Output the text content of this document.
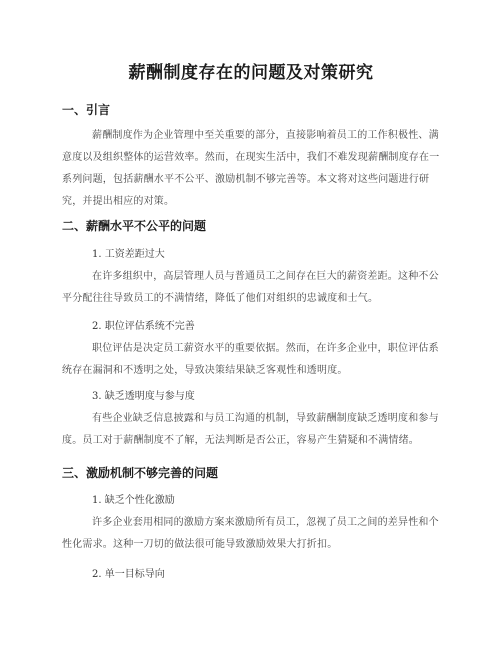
薪酬制度存在的问题及对策研究
一、引言

薪酬制度作为企业管理中至关重要的部分，直接影响着员工的工作积极性、满意度以及组织整体的运营效率。然而，在现实生活中，我们不难发现薪酬制度存在一系列问题，包括薪酬水平不公平、激励机制不够完善等。本文将对这些问题进行研究，并提出相应的对策。

二、薪酬水平不公平的问题
1. 工资差距过大

在许多组织中，高层管理人员与普通员工之间存在巨大的薪资差距。这种不公平分配往往导致员工的不满情绪，降低了他们对组织的忠诚度和士气。

2. 职位评估系统不完善

职位评估是决定员工薪资水平的重要依据。然而，在许多企业中，职位评估系统存在漏洞和不透明之处，导致决策结果缺乏客观性和透明度。

3. 缺乏透明度与参与度

有些企业缺乏信息披露和与员工沟通的机制，导致薪酬制度缺乏透明度和参与度。员工对于薪酬制度不了解，无法判断是否公正，容易产生猜疑和不满情绪。

三、激励机制不够完善的问题
1. 缺乏个性化激励

许多企业套用相同的激励方案来激励所有员工，忽视了员工之间的差异性和个性化需求。这种一刀切的做法很可能导致激励效果大打折扣。

2. 单一目标导向
